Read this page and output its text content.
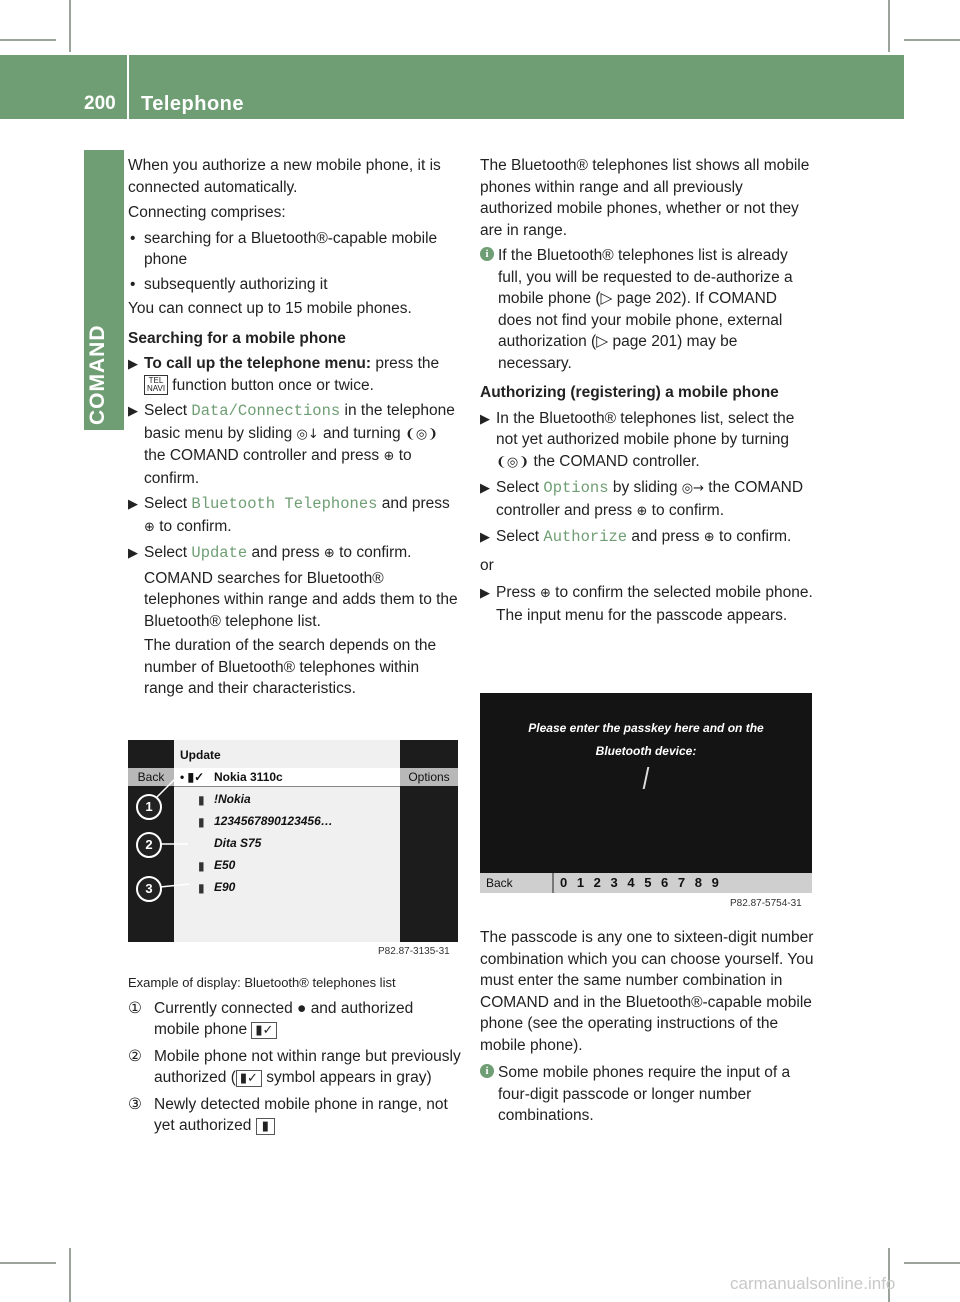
200 Telephone
COMAND

When you authorize a new mobile phone, it is connected automatically.

Connecting comprises:

• searching for a Bluetooth®-capable mobile phone
• subsequently authorizing it

You can connect up to 15 mobile phones.

Searching for a mobile phone
▶ To call up the telephone menu: press the
TEL NAVI function button once or twice.
▶ Select Data/Connections in the telephone basic menu by sliding ◎↓ and turning ❨◎❩ the COMAND controller and press ⊕ to confirm.
▶ Select Bluetooth Telephones and press ⊕ to confirm.
▶ Select Update and press ⊕ to confirm.
COMAND searches for Bluetooth® telephones within range and adds them to the Bluetooth® telephone list.
The duration of the search depends on the number of Bluetooth® telephones within range and their characteristics.
Update
Back	Options
• ▮✓ Nokia 3110c
▮ !Nokia
▮ 1234567890123456…
Dita S75
▮ E50
▮ E90
P82.87-3135-31
1
2
3

Example of display: Bluetooth® telephones list

① Currently connected ● and authorized mobile phone ▮✓
② Mobile phone not within range but previously authorized ( ▮✓ symbol appears in gray)
③ Newly detected mobile phone in range, not yet authorized ▮

The Bluetooth® telephones list shows all mobile phones within range and all previously authorized mobile phones, whether or not they are in range.

i If the Bluetooth® telephones list is already full, you will be requested to de-authorize a mobile phone (▷ page 202). If COMAND does not find your mobile phone, external authorization (▷ page 201) may be necessary.
Authorizing (registering) a mobile phone
▶ In the Bluetooth® telephones list, select the not yet authorized mobile phone by turning ❨◎❩ the COMAND controller.
▶ Select Options by sliding ◎→ the COMAND controller and press ⊕ to confirm.
▶ Select Authorize and press ⊕ to confirm.

or

▶ Press ⊕ to confirm the selected mobile phone.
The input menu for the passcode appears.
Please enter the passkey here and on the
Bluetooth device:
Back	0 1 2 3 4 5 6 7 8 9
P82.87-5754-31

The passcode is any one to sixteen-digit number combination which you can choose yourself. You must enter the same number combination in COMAND and in the Bluetooth®-capable mobile phone (see the operating instructions of the mobile phone).

i Some mobile phones require the input of a four-digit passcode or longer number combinations.
carmanualsonline.info
